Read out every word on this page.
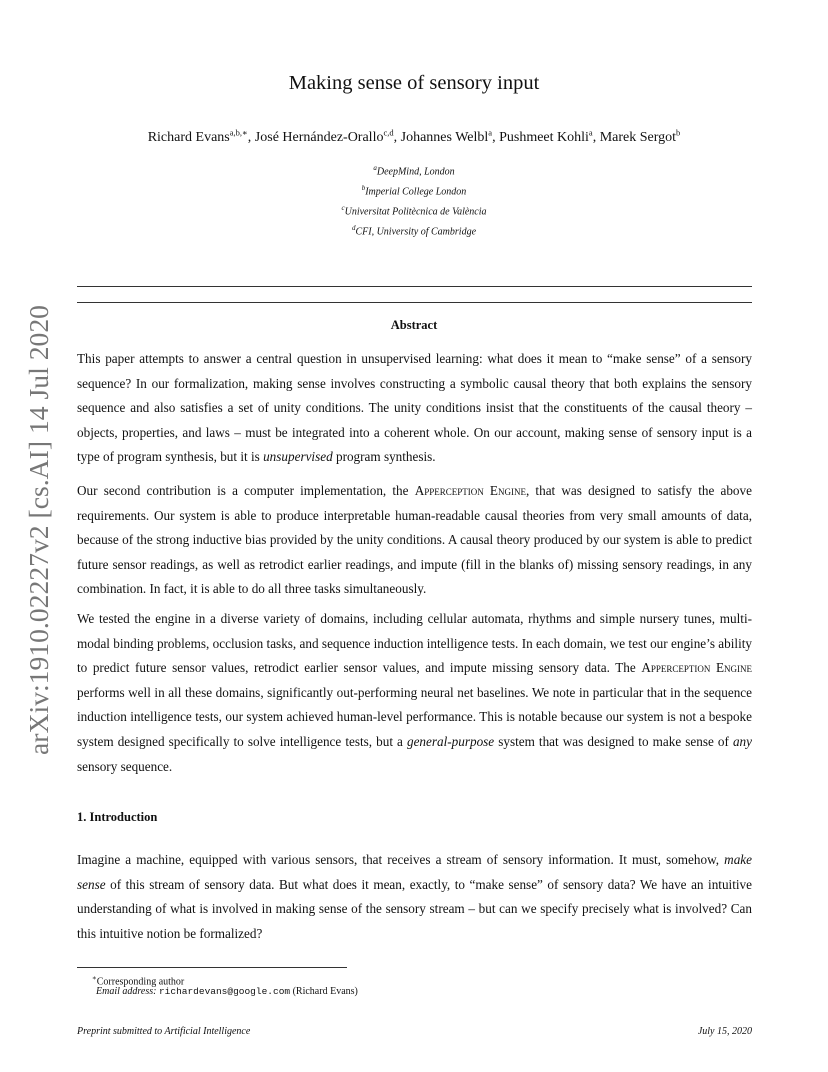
arXiv:1910.02227v2 [cs.AI] 14 Jul 2020
Making sense of sensory input
Richard Evans$^{a,b,∗}$, José Hernández-Orallo$^{c,d}$, Johannes Welbl$^a$, Pushmeet Kohli$^a$, Marek Sergot$^b$
$^a$DeepMind, London
$^b$Imperial College London
$^c$Universitat Politècnica de València
$^d$CFI, University of Cambridge
Abstract
This paper attempts to answer a central question in unsupervised learning: what does it mean to “make sense” of a sensory sequence? In our formalization, making sense involves constructing a symbolic causal theory that both explains the sensory sequence and also satisfies a set of unity conditions. The unity conditions insist that the constituents of the causal theory – objects, properties, and laws – must be integrated into a coherent whole. On our account, making sense of sensory input is a type of program synthesis, but it is unsupervised program synthesis.
Our second contribution is a computer implementation, the Apperception Engine, that was designed to satisfy the above requirements. Our system is able to produce interpretable human-readable causal theories from very small amounts of data, because of the strong inductive bias provided by the unity conditions. A causal theory produced by our system is able to predict future sensor readings, as well as retrodict earlier readings, and impute (fill in the blanks of) missing sensory readings, in any combination. In fact, it is able to do all three tasks simultaneously.
We tested the engine in a diverse variety of domains, including cellular automata, rhythms and simple nursery tunes, multi-modal binding problems, occlusion tasks, and sequence induction intelligence tests. In each domain, we test our engine’s ability to predict future sensor values, retrodict earlier sensor values, and impute missing sensory data. The Apperception Engine performs well in all these domains, significantly out-performing neural net baselines. We note in particular that in the sequence induction intelligence tests, our system achieved human-level performance. This is notable because our system is not a bespoke system designed specifically to solve intelligence tests, but a general-purpose system that was designed to make sense of any sensory sequence.
1. Introduction
Imagine a machine, equipped with various sensors, that receives a stream of sensory information. It must, somehow, make sense of this stream of sensory data. But what does it mean, exactly, to “make sense” of sensory data? We have an intuitive understanding of what is involved in making sense of the sensory stream – but can we specify precisely what is involved? Can this intuitive notion be formalized?
∗Corresponding author
Email address: richardevans@google.com (Richard Evans)
Preprint submitted to Artificial Intelligence	July 15, 2020
